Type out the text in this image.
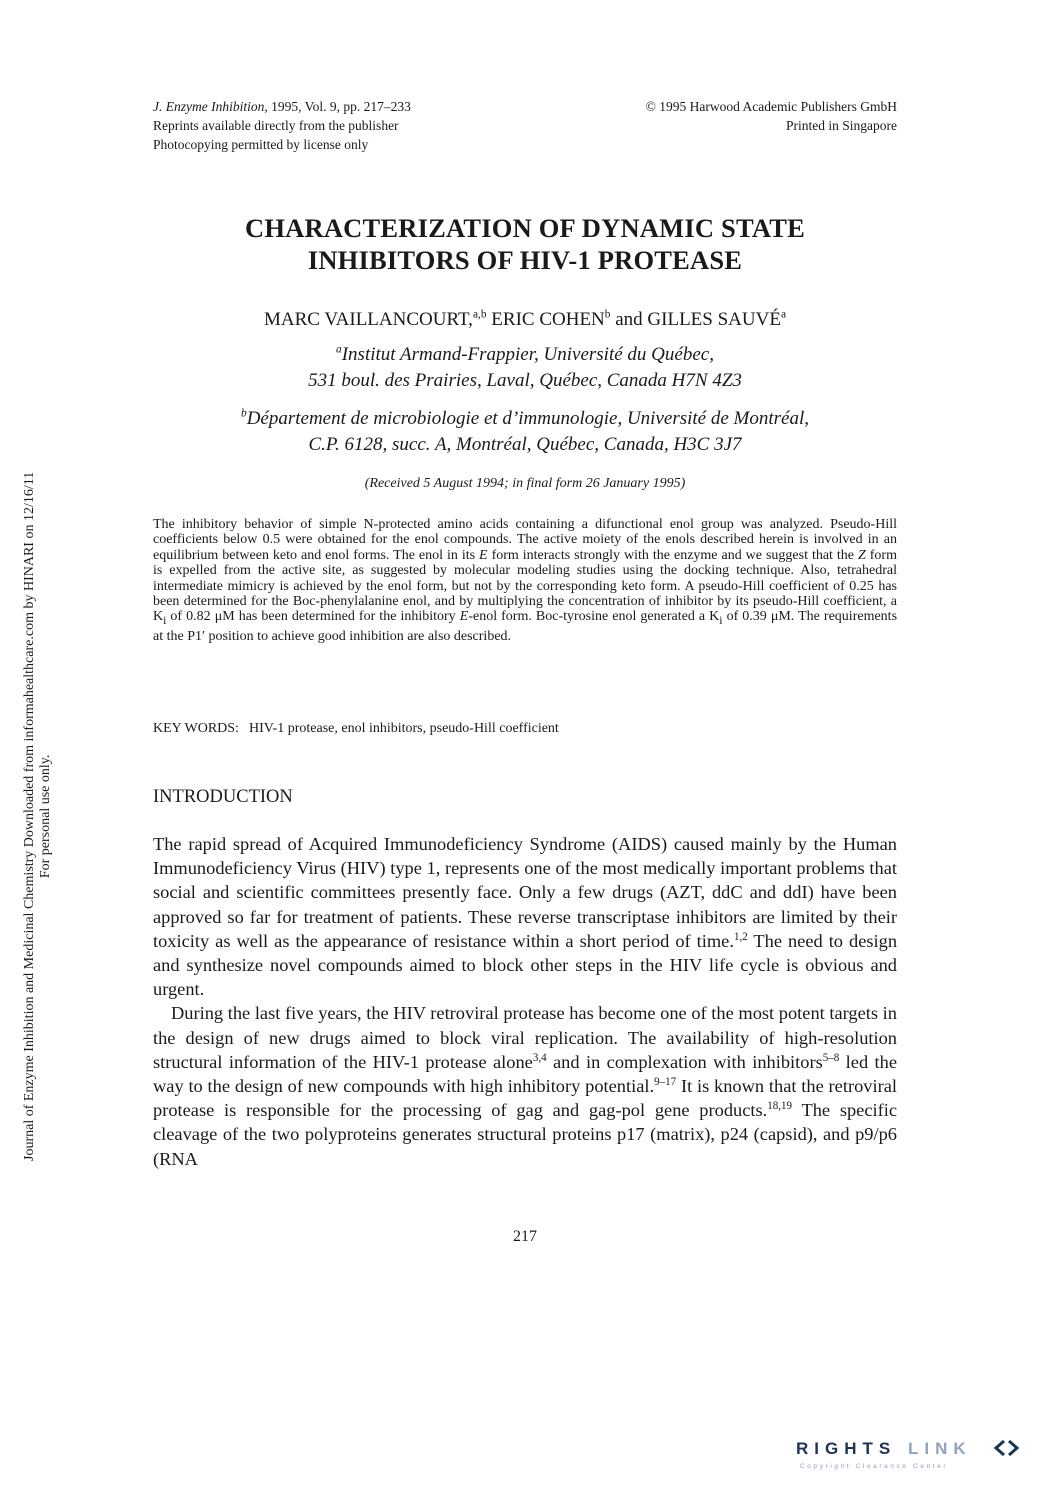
J. Enzyme Inhibition, 1995, Vol. 9, pp. 217–233
Reprints available directly from the publisher
Photocopying permitted by license only
© 1995 Harwood Academic Publishers GmbH
Printed in Singapore
CHARACTERIZATION OF DYNAMIC STATE
INHIBITORS OF HIV-1 PROTEASE
MARC VAILLANCOURT,$^{a,b}$ ERIC COHEN$^b$ and GILLES SAUVÉ$^a$
$^a$Institut Armand-Frappier, Université du Québec,
531 boul. des Prairies, Laval, Québec, Canada H7N 4Z3
$^b$Département de microbiologie et d’immunologie, Université de Montréal,
C.P. 6128, succ. A, Montréal, Québec, Canada, H3C 3J7
(Received 5 August 1994; in final form 26 January 1995)
The inhibitory behavior of simple N-protected amino acids containing a difunctional enol group was analyzed. Pseudo-Hill coefficients below 0.5 were obtained for the enol compounds. The active moiety of the enols described herein is involved in an equilibrium between keto and enol forms. The enol in its E form interacts strongly with the enzyme and we suggest that the Z form is expelled from the active site, as suggested by molecular modeling studies using the docking technique. Also, tetrahedral intermediate mimicry is achieved by the enol form, but not by the corresponding keto form. A pseudo-Hill coefficient of 0.25 has been determined for the Boc-phenylalanine enol, and by multiplying the concentration of inhibitor by its pseudo-Hill coefficient, a $K_i$ of 0.82 μM has been determined for the inhibitory E-enol form. Boc-tyrosine enol generated a $K_i$ of 0.39 μM. The requirements at the P1′ position to achieve good inhibition are also described.
KEY WORDS: HIV-1 protease, enol inhibitors, pseudo-Hill coefficient
INTRODUCTION

The rapid spread of Acquired Immunodeficiency Syndrome (AIDS) caused mainly by the Human Immunodeficiency Virus (HIV) type 1, represents one of the most medically important problems that social and scientific committees presently face. Only a few drugs (AZT, ddC and ddI) have been approved so far for treatment of patients. These reverse transcriptase inhibitors are limited by their toxicity as well as the appearance of resistance within a short period of time.$^{1,2}$ The need to design and synthesize novel compounds aimed to block other steps in the HIV life cycle is obvious and urgent.

During the last five years, the HIV retroviral protease has become one of the most potent targets in the design of new drugs aimed to block viral replication. The availability of high-resolution structural information of the HIV-1 protease alone$^{3,4}$ and in complexation with inhibitors$^{5-8}$ led the way to the design of new compounds with high inhibitory potential.$^{9-17}$ It is known that the retroviral protease is responsible for the processing of gag and gag-pol gene products.$^{18,19}$ The specific cleavage of the two polyproteins generates structural proteins p17 (matrix), p24 (capsid), and p9/p6 (RNA

217
Journal of Enzyme Inhibition and Medicinal Chemistry Downloaded from informahealthcare.com by HINARI on 12/16/11 For personal use only.
RIGHTS LINK
Copyright Clearance Center
